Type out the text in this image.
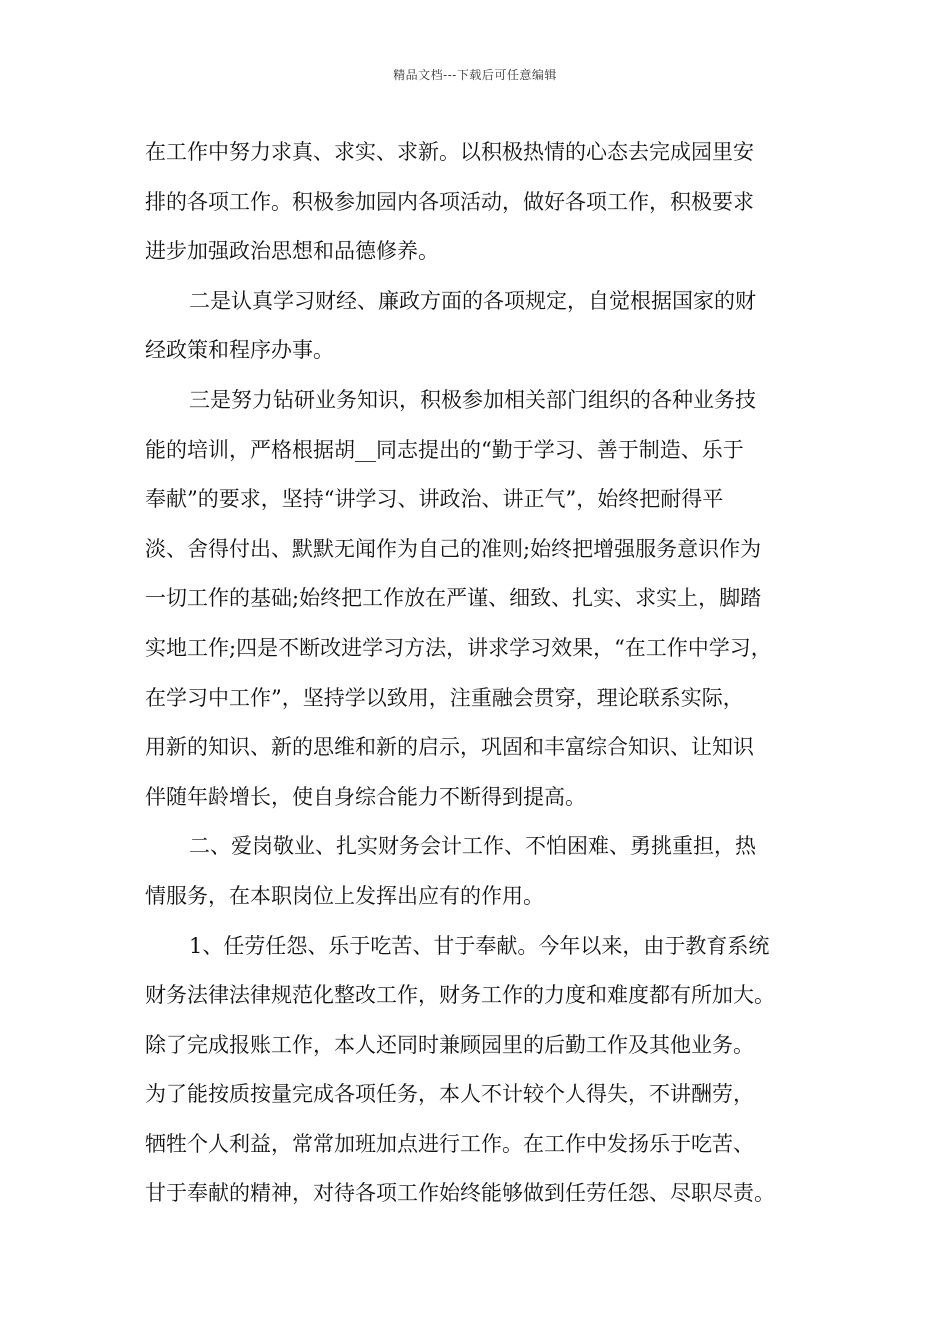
精品文档---下载后可任意编辑
在工作中努力求真、求实、求新。以积极热情的心态去完成园里安
排的各项工作。积极参加园内各项活动，做好各项工作，积极要求
进步加强政治思想和品德修养。
二是认真学习财经、廉政方面的各项规定，自觉根据国家的财
经政策和程序办事。
三是努力钻研业务知识，积极参加相关部门组织的各种业务技
能的培训，严格根据胡__同志提出的“勤于学习、善于制造、乐于
奉献”的要求，坚持“讲学习、讲政治、讲正气”，始终把耐得平
淡、舍得付出、默默无闻作为自己的准则;始终把增强服务意识作为
一切工作的基础;始终把工作放在严谨、细致、扎实、求实上，脚踏
实地工作;四是不断改进学习方法，讲求学习效果，“在工作中学习，
在学习中工作”，坚持学以致用，注重融会贯穿，理论联系实际，
用新的知识、新的思维和新的启示，巩固和丰富综合知识、让知识
伴随年龄增长，使自身综合能力不断得到提高。
二、爱岗敬业、扎实财务会计工作、不怕困难、勇挑重担，热
情服务，在本职岗位上发挥出应有的作用。
1、任劳任怨、乐于吃苦、甘于奉献。今年以来，由于教育系统
财务法律法律规范化整改工作，财务工作的力度和难度都有所加大。
除了完成报账工作，本人还同时兼顾园里的后勤工作及其他业务。
为了能按质按量完成各项任务，本人不计较个人得失，不讲酬劳，
牺牲个人利益，常常加班加点进行工作。在工作中发扬乐于吃苦、
甘于奉献的精神，对待各项工作始终能够做到任劳任怨、尽职尽责。
